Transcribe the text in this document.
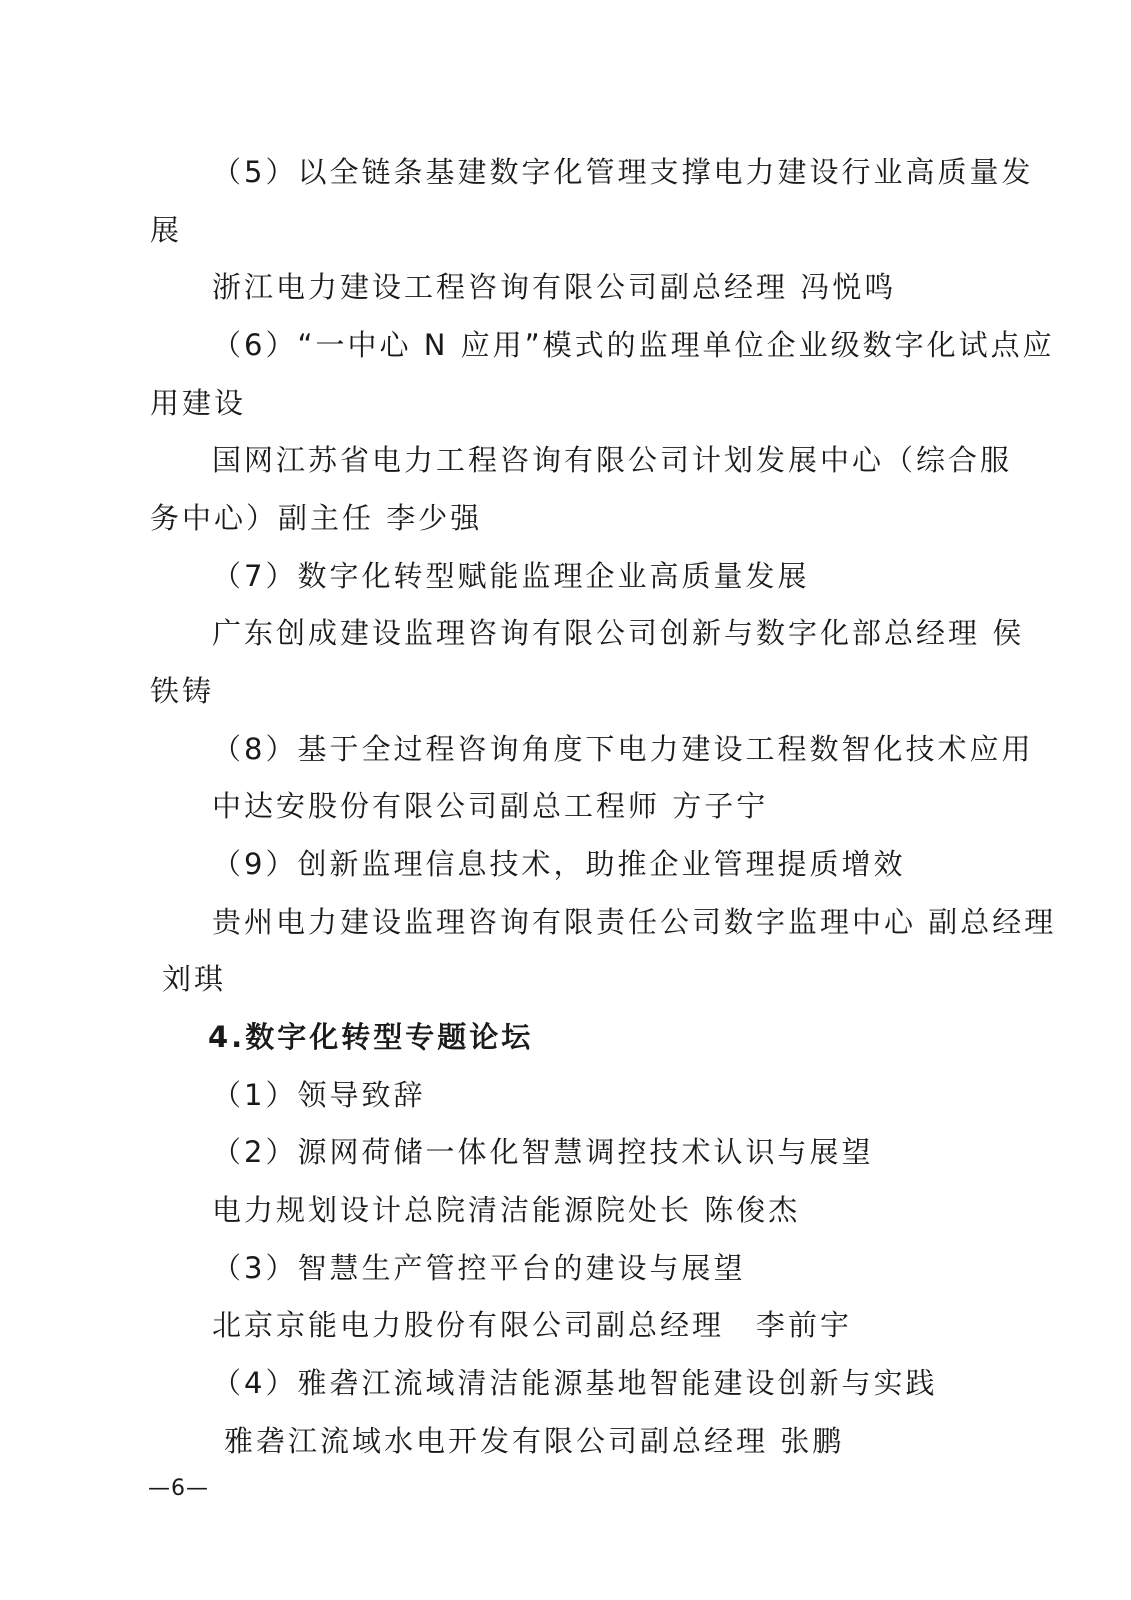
（5）以全链条基建数字化管理支撑电力建设行业高质量发
展
浙江电力建设工程咨询有限公司副总经理 冯悦鸣
（6）“一中心 N 应用”模式的监理单位企业级数字化试点应
用建设
国网江苏省电力工程咨询有限公司计划发展中心（综合服
务中心）副主任 李少强
（7）数字化转型赋能监理企业高质量发展
广东创成建设监理咨询有限公司创新与数字化部总经理 侯
铁铸
（8）基于全过程咨询角度下电力建设工程数智化技术应用
中达安股份有限公司副总工程师 方子宁
（9）创新监理信息技术，助推企业管理提质增效
贵州电力建设监理咨询有限责任公司数字监理中心 副总经理
刘琪
4.数字化转型专题论坛
（1）领导致辞
（2）源网荷储一体化智慧调控技术认识与展望
电力规划设计总院清洁能源院处长 陈俊杰
（3）智慧生产管控平台的建设与展望
北京京能电力股份有限公司副总经理　李前宇
（4）雅砻江流域清洁能源基地智能建设创新与实践
雅砻江流域水电开发有限公司副总经理 张鹏
—6—
